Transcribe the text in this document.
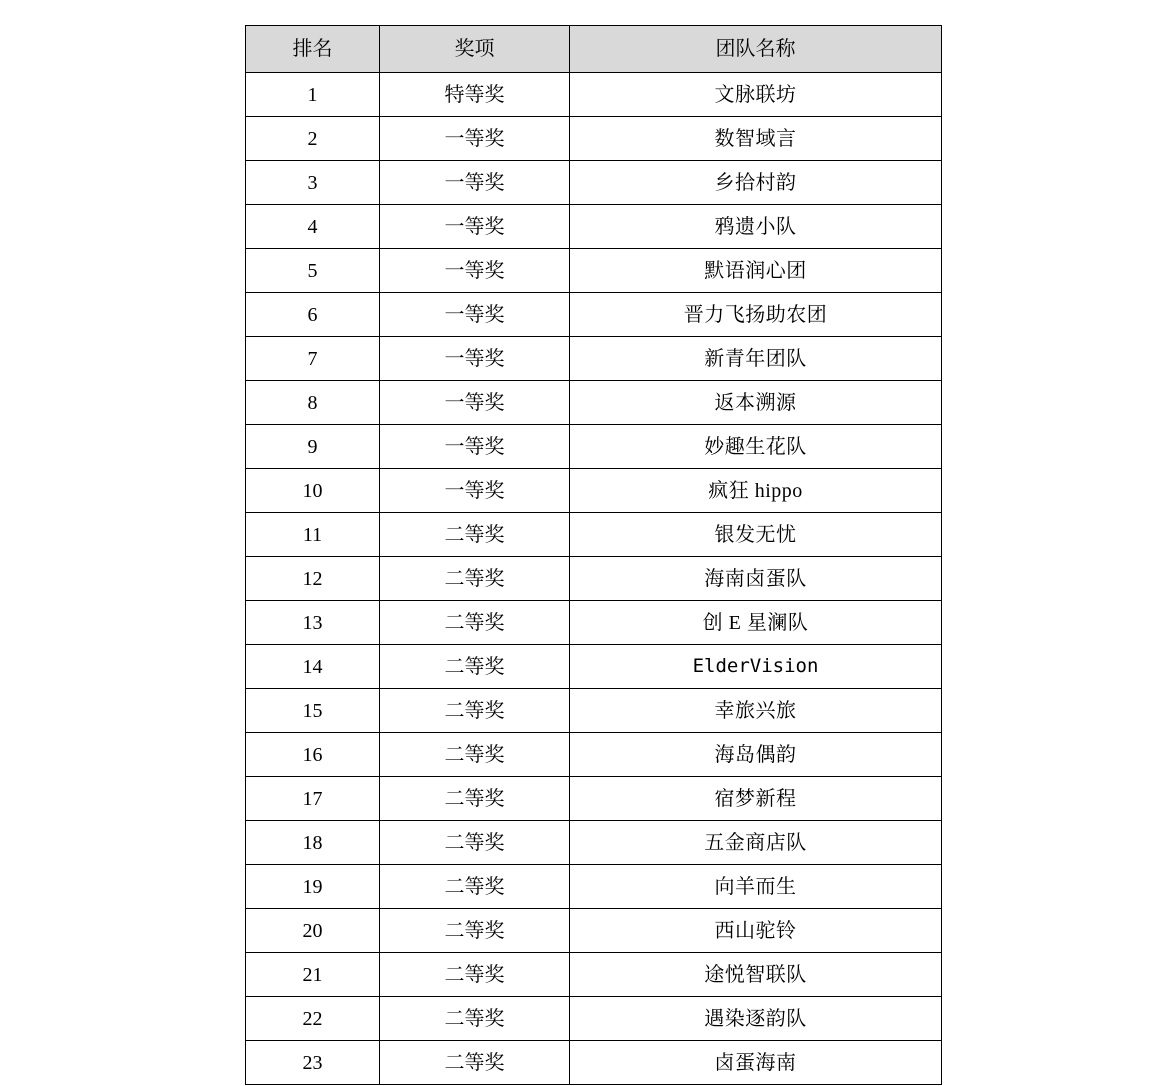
排名	奖项	团队名称
1	特等奖	文脉联坊
2	一等奖	数智域言
3	一等奖	乡拾村韵
4	一等奖	鸦遗小队
5	一等奖	默语润心团
6	一等奖	晋力飞扬助农团
7	一等奖	新青年团队
8	一等奖	返本溯源
9	一等奖	妙趣生花队
10	一等奖	疯狂 hippo
11	二等奖	银发无忧
12	二等奖	海南卤蛋队
13	二等奖	创 E 星澜队
14	二等奖	ElderVision
15	二等奖	幸旅兴旅
16	二等奖	海岛偶韵
17	二等奖	宿梦新程
18	二等奖	五金商店队
19	二等奖	向羊而生
20	二等奖	西山驼铃
21	二等奖	途悦智联队
22	二等奖	遇染逐韵队
23	二等奖	卤蛋海南
